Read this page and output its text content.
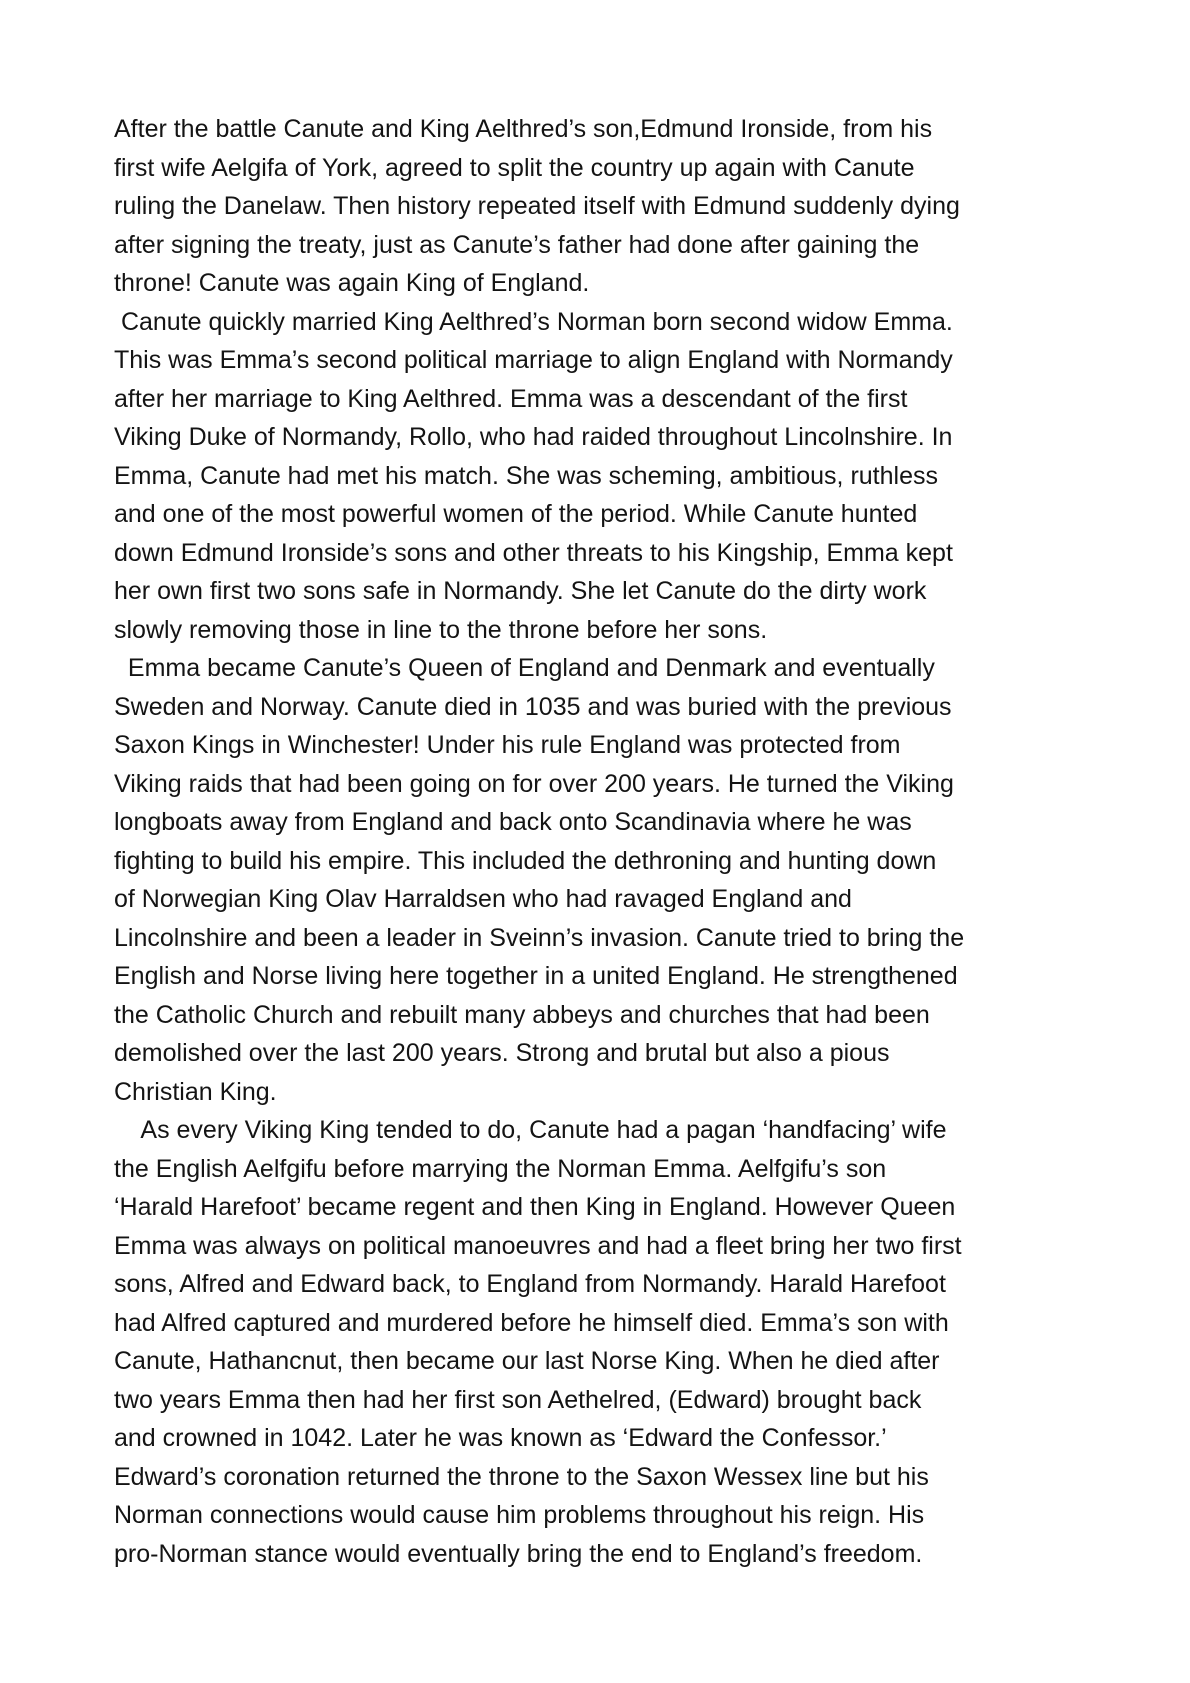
After the battle Canute and King Aelthred’s son,Edmund Ironside, from his
first wife Aelgifa of York, agreed to split the country up again with Canute
ruling the Danelaw. Then history repeated itself with Edmund suddenly dying
after signing the treaty, just as Canute’s father had done after gaining the
throne! Canute was again King of England.
Canute quickly married King Aelthred’s Norman born second widow Emma.
This was Emma’s second political marriage to align England with Normandy
after her marriage to King Aelthred. Emma was a descendant of the first
Viking Duke of Normandy, Rollo, who had raided throughout Lincolnshire. In
Emma, Canute had met his match. She was scheming, ambitious, ruthless
and one of the most powerful women of the period. While Canute hunted
down Edmund Ironside’s sons and other threats to his Kingship, Emma kept
her own first two sons safe in Normandy. She let Canute do the dirty work
slowly removing those in line to the throne before her sons.
Emma became Canute’s Queen of England and Denmark and eventually
Sweden and Norway. Canute died in 1035 and was buried with the previous
Saxon Kings in Winchester! Under his rule England was protected from
Viking raids that had been going on for over 200 years. He turned the Viking
longboats away from England and back onto Scandinavia where he was
fighting to build his empire. This included the dethroning and hunting down
of Norwegian King Olav Harraldsen who had ravaged England and
Lincolnshire and been a leader in Sveinn’s invasion. Canute tried to bring the
English and Norse living here together in a united England. He strengthened
the Catholic Church and rebuilt many abbeys and churches that had been
demolished over the last 200 years. Strong and brutal but also a pious
Christian King.
As every Viking King tended to do, Canute had a pagan ‘handfacing’ wife
the English Aelfgifu before marrying the Norman Emma. Aelfgifu’s son
‘Harald Harefoot’ became regent and then King in England. However Queen
Emma was always on political manoeuvres and had a fleet bring her two first
sons, Alfred and Edward back, to England from Normandy. Harald Harefoot
had Alfred captured and murdered before he himself died. Emma’s son with
Canute, Hathancnut, then became our last Norse King. When he died after
two years Emma then had her first son Aethelred, (Edward) brought back
and crowned in 1042. Later he was known as ‘Edward the Confessor.’
Edward’s coronation returned the throne to the Saxon Wessex line but his
Norman connections would cause him problems throughout his reign. His
pro-Norman stance would eventually bring the end to England’s freedom.
